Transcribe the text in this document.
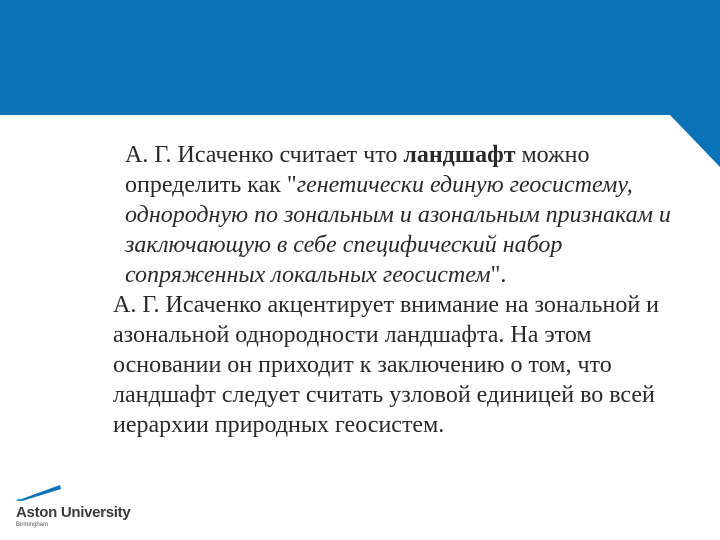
А. Г. Исаченко считает что ландшафт можно определить как "генетически единую геосистему, однородную по зональным и азональным признакам и заключающую в себе специфический набор сопряженных локальных геосистем".

А. Г. Исаченко акцентирует внимание на зональной и азональной однородности ландшафта. На этом основании он приходит к заключению о том, что ландшафт следует считать узловой единицей во всей иерархии природных геосистем.

Aston University
Birmingham
